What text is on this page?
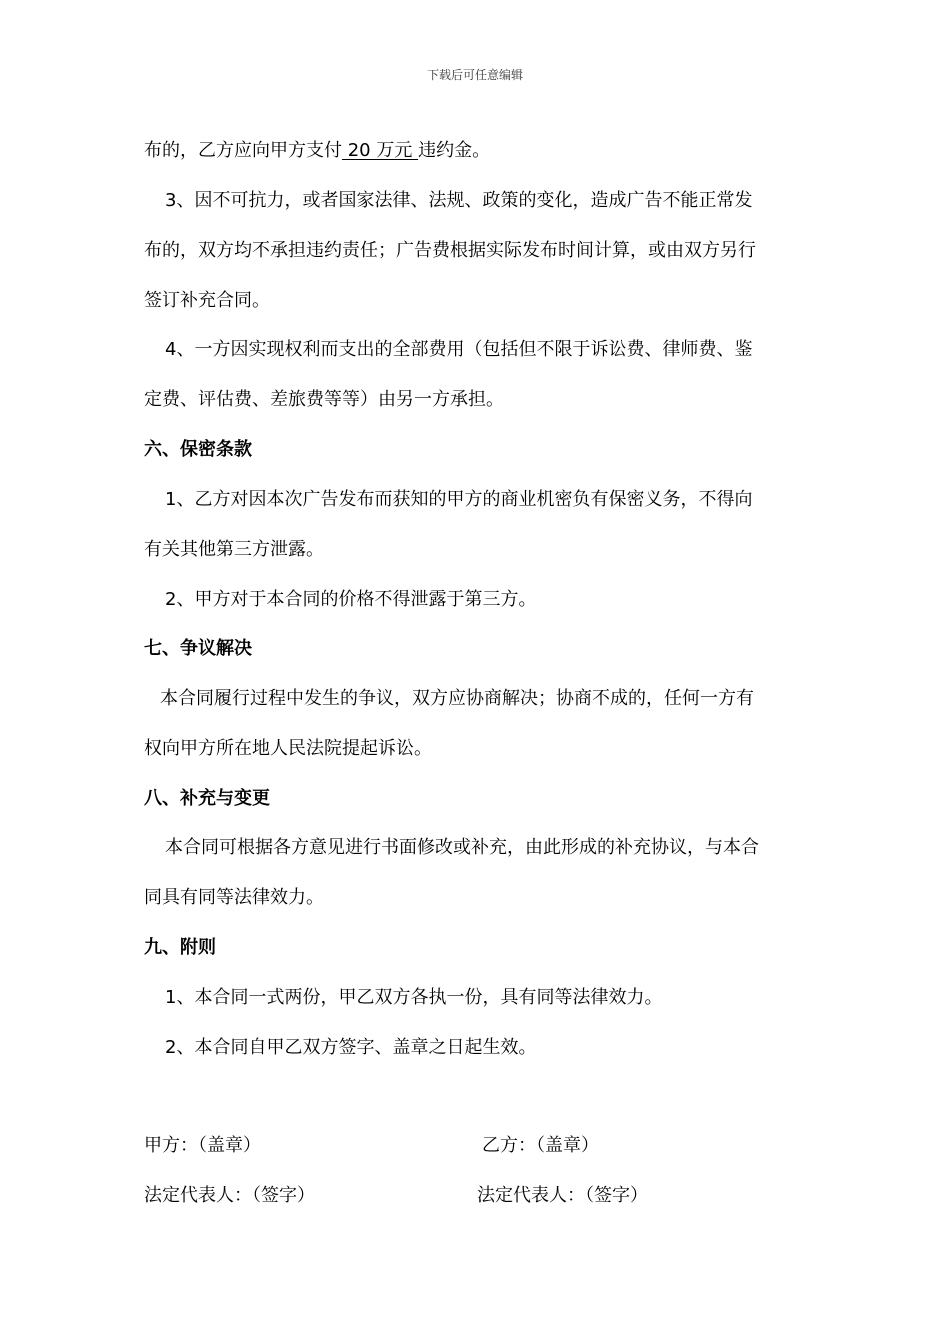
下载后可任意编辑
布的，乙方应向甲方支付 20 万元 违约金。
3、因不可抗力，或者国家法律、法规、政策的变化，造成广告不能正常发
布的，双方均不承担违约责任；广告费根据实际发布时间计算，或由双方另行
签订补充合同。
4、一方因实现权利而支出的全部费用（包括但不限于诉讼费、律师费、鉴
定费、评估费、差旅费等等）由另一方承担。
六、保密条款
1、乙方对因本次广告发布而获知的甲方的商业机密负有保密义务，不得向
有关其他第三方泄露。
2、甲方对于本合同的价格不得泄露于第三方。
七、争议解决
本合同履行过程中发生的争议，双方应协商解决；协商不成的，任何一方有
权向甲方所在地人民法院提起诉讼。
八、补充与变更
本合同可根据各方意见进行书面修改或补充，由此形成的补充协议，与本合
同具有同等法律效力。
九、附则
1、本合同一式两份，甲乙双方各执一份，具有同等法律效力。
2、本合同自甲乙双方签字、盖章之日起生效。
甲方：（盖章）	乙方：（盖章）
法定代表人：（签字）	法定代表人：（签字）
